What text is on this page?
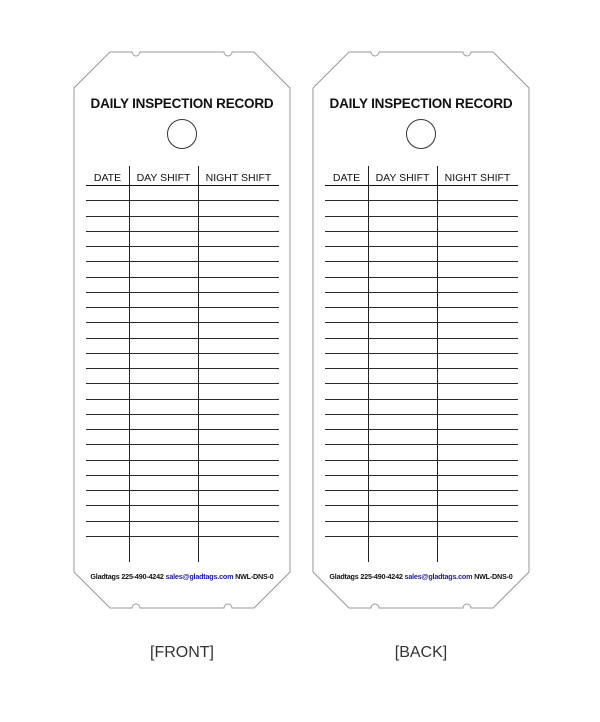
DAILY INSPECTION RECORD
DATE	DAY SHIFT	NIGHT SHIFT
Gladtags 225-490-4242 sales@gladtags.com NWL-DNS-0
DAILY INSPECTION RECORD
DATE	DAY SHIFT	NIGHT SHIFT
Gladtags 225-490-4242 sales@gladtags.com NWL-DNS-0
[FRONT]	[BACK]
